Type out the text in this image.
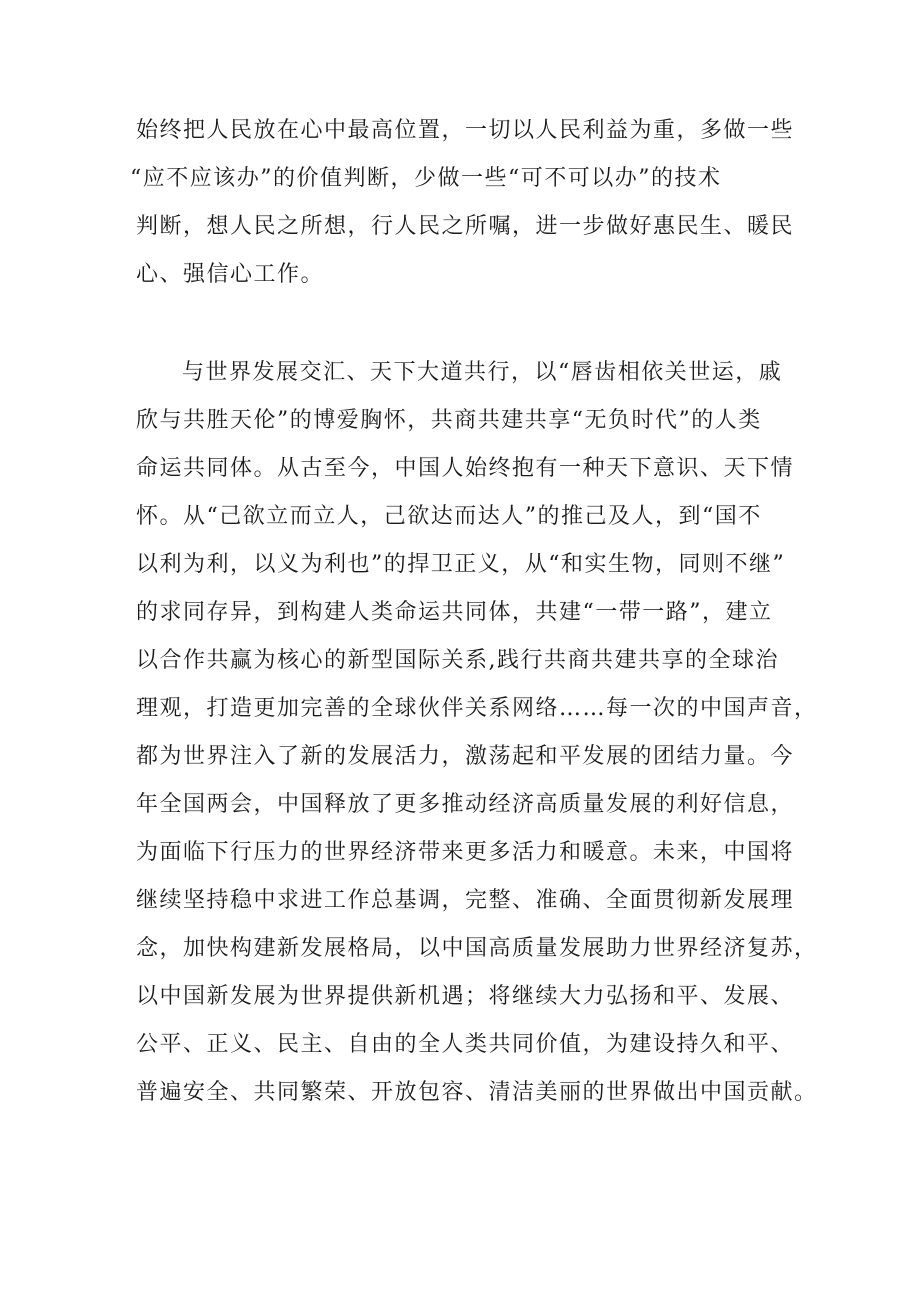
始终把人民放在心中最高位置，一切以人民利益为重，多做一些
“应不应该办”的价值判断，少做一些“可不可以办”的技术
判断，想人民之所想，行人民之所嘱，进一步做好惠民生、暖民
心、强信心工作。
与世界发展交汇、天下大道共行，以“唇齿相依关世运，戚
欣与共胜天伦”的博爱胸怀，共商共建共享“无负时代”的人类
命运共同体。从古至今，中国人始终抱有一种天下意识、天下情
怀。从“己欲立而立人，己欲达而达人”的推己及人，到“国不
以利为利，以义为利也”的捍卫正义，从“和实生物，同则不继”
的求同存异，到构建人类命运共同体，共建“一带一路”，建立
以合作共赢为核心的新型国际关系,践行共商共建共享的全球治
理观，打造更加完善的全球伙伴关系网络……每一次的中国声音，
都为世界注入了新的发展活力，激荡起和平发展的团结力量。今
年全国两会，中国释放了更多推动经济高质量发展的利好信息，
为面临下行压力的世界经济带来更多活力和暖意。未来，中国将
继续坚持稳中求进工作总基调，完整、准确、全面贯彻新发展理
念，加快构建新发展格局，以中国高质量发展助力世界经济复苏，
以中国新发展为世界提供新机遇；将继续大力弘扬和平、发展、
公平、正义、民主、自由的全人类共同价值，为建设持久和平、
普遍安全、共同繁荣、开放包容、清洁美丽的世界做出中国贡献。
